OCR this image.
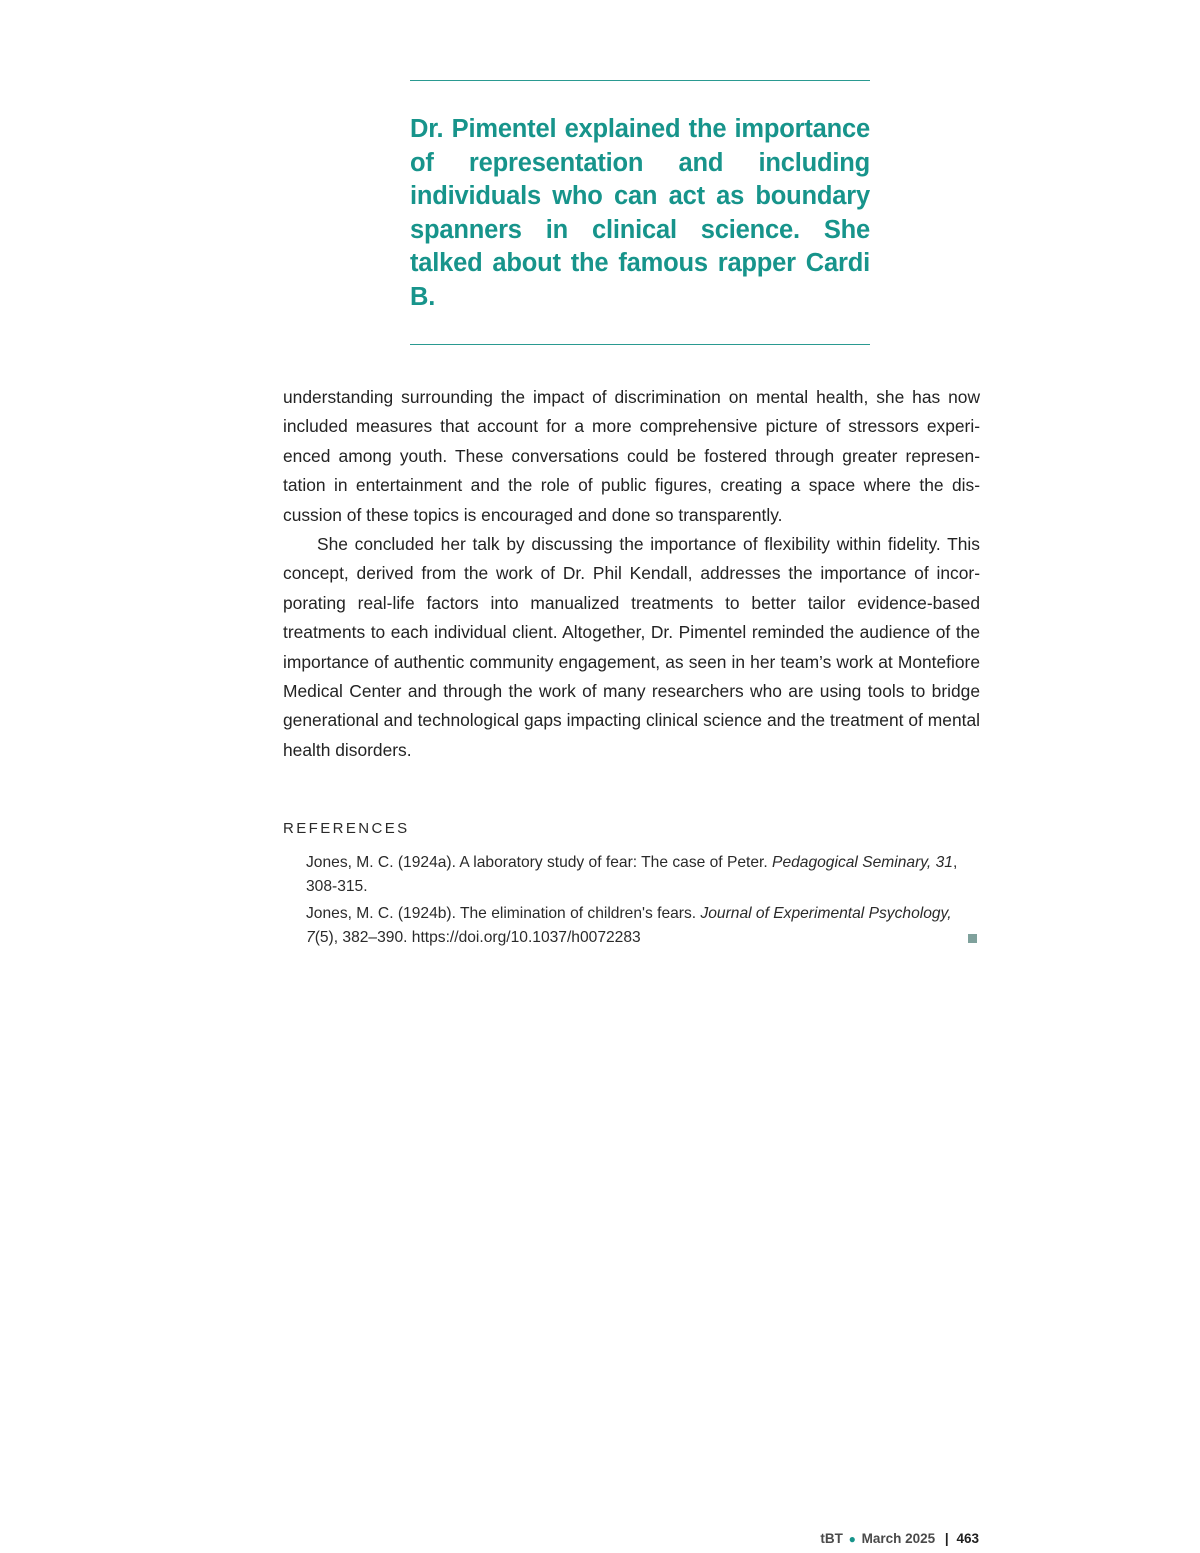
Dr. Pimentel explained the importance of representation and including individuals who can act as boundary spanners in clinical science. She talked about the famous rapper Cardi B.

understanding surrounding the impact of discrimination on mental health, she has now included measures that account for a more comprehensive picture of stressors experienced among youth. These conversations could be fostered through greater representation in entertainment and the role of public figures, creating a space where the discussion of these topics is encouraged and done so transparently.

She concluded her talk by discussing the importance of flexibility within fidelity. This concept, derived from the work of Dr. Phil Kendall, addresses the importance of incorporating real-life factors into manualized treatments to better tailor evidence-based treatments to each individual client. Altogether, Dr. Pimentel reminded the audience of the importance of authentic community engagement, as seen in her team’s work at Montefiore Medical Center and through the work of many researchers who are using tools to bridge generational and technological gaps impacting clinical science and the treatment of mental health disorders.

REFERENCES
Jones, M. C. (1924a). A laboratory study of fear: The case of Peter. Pedagogical Seminary, 31, 308-315.
Jones, M. C. (1924b). The elimination of children's fears. Journal of Experimental Psychology, 7(5), 382–390. https://doi.org/10.1037/h0072283
tBT ● March 2025 | 463
